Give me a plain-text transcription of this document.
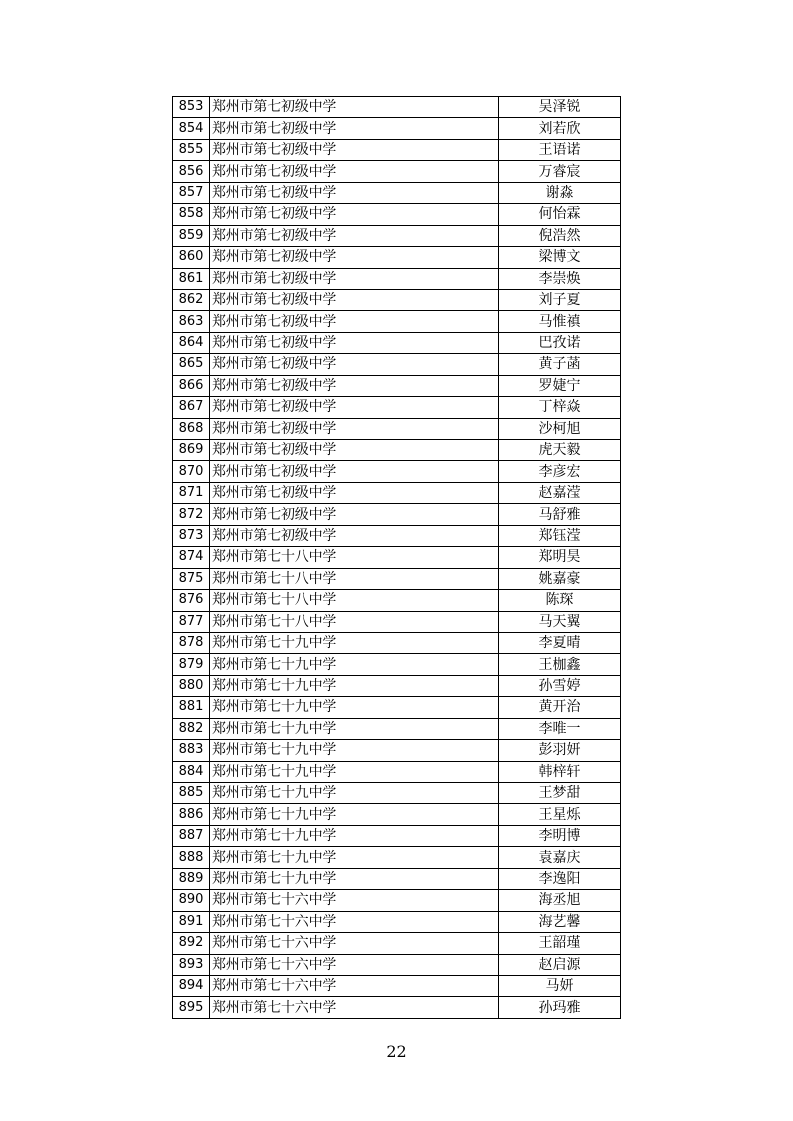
853	郑州市第七初级中学	吴泽锐
854	郑州市第七初级中学	刘若欣
855	郑州市第七初级中学	王语诺
856	郑州市第七初级中学	万睿宸
857	郑州市第七初级中学	谢淼
858	郑州市第七初级中学	何怡霖
859	郑州市第七初级中学	倪浩然
860	郑州市第七初级中学	梁博文
861	郑州市第七初级中学	李崇焕
862	郑州市第七初级中学	刘子夏
863	郑州市第七初级中学	马惟禛
864	郑州市第七初级中学	巴孜诺
865	郑州市第七初级中学	黄子菡
866	郑州市第七初级中学	罗婕宁
867	郑州市第七初级中学	丁梓焱
868	郑州市第七初级中学	沙柯旭
869	郑州市第七初级中学	虎天毅
870	郑州市第七初级中学	李彦宏
871	郑州市第七初级中学	赵嘉滢
872	郑州市第七初级中学	马舒雅
873	郑州市第七初级中学	郑钰滢
874	郑州市第七十八中学	郑明昊
875	郑州市第七十八中学	姚嘉豪
876	郑州市第七十八中学	陈琛
877	郑州市第七十八中学	马天翼
878	郑州市第七十九中学	李夏晴
879	郑州市第七十九中学	王枷鑫
880	郑州市第七十九中学	孙雪婷
881	郑州市第七十九中学	黄开治
882	郑州市第七十九中学	李唯一
883	郑州市第七十九中学	彭羽妍
884	郑州市第七十九中学	韩梓轩
885	郑州市第七十九中学	王梦甜
886	郑州市第七十九中学	王星烁
887	郑州市第七十九中学	李明博
888	郑州市第七十九中学	袁嘉庆
889	郑州市第七十九中学	李逸阳
890	郑州市第七十六中学	海丞旭
891	郑州市第七十六中学	海艺馨
892	郑州市第七十六中学	王韶瑾
893	郑州市第七十六中学	赵启源
894	郑州市第七十六中学	马妍
895	郑州市第七十六中学	孙玛雅
22
